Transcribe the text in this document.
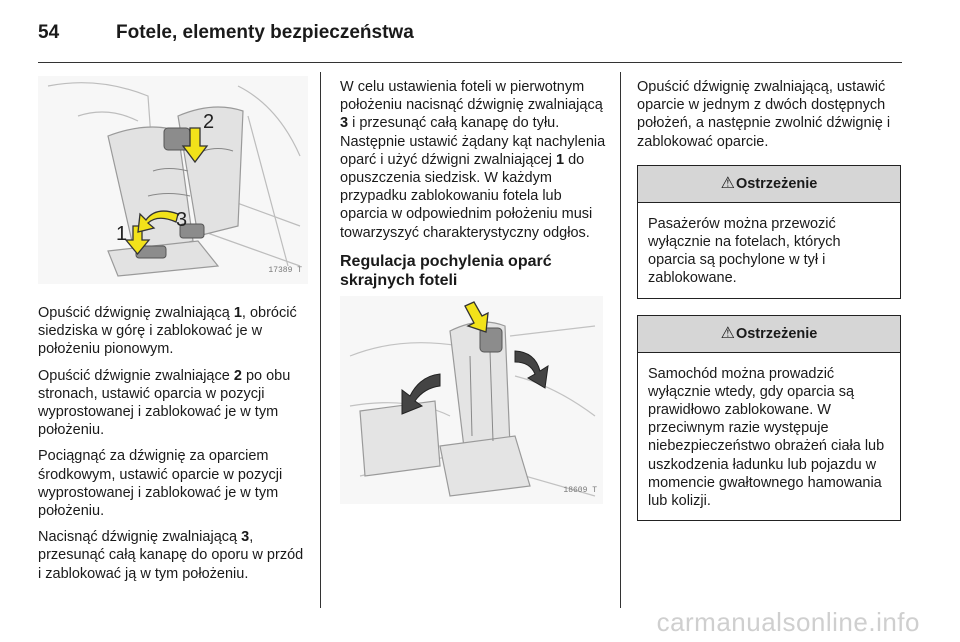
54	Fotele, elementy bezpieczeństwa
2
1
3
17389 T

Opuścić dźwignię zwalniającą 1, obrócić siedziska w górę i zablokować je w położeniu pionowym.

Opuścić dźwignie zwalniające 2 po obu stronach, ustawić oparcia w pozycji wyprostowanej i zablokować je w tym położeniu.

Pociągnąć za dźwignię za oparciem środkowym, ustawić oparcie w pozycji wyprostowanej i zablokować je w tym położeniu.

Nacisnąć dźwignię zwalniającą 3, przesunąć całą kanapę do oporu w przód i zablokować ją w tym położeniu.

W celu ustawienia foteli w pierwotnym położeniu nacisnąć dźwignię zwalniającą 3 i przesunąć całą kanapę do tyłu. Następnie ustawić żądany kąt nachylenia oparć i użyć dźwigni zwalniającej 1 do opuszczenia siedzisk. W każdym przypadku zablokowaniu fotela lub oparcia w odpowiednim położeniu musi towarzyszyć charakterystyczny odgłos.

Regulacja pochylenia oparć skrajnych foteli
18609 T

Opuścić dźwignię zwalniającą, ustawić oparcie w jednym z dwóch dostępnych położeń, a następnie zwolnić dźwignię i zablokować oparcie.

⚠ Ostrzeżenie
Pasażerów można przewozić wyłącznie na fotelach, których oparcia są pochylone w tył i zablokowane.
⚠ Ostrzeżenie
Samochód można prowadzić wyłącznie wtedy, gdy oparcia są prawidłowo zablokowane. W przeciwnym razie występuje niebezpieczeństwo obrażeń ciała lub uszkodzenia ładunku lub pojazdu w momencie gwałtownego hamowania lub kolizji.
carmanualsonline.info
